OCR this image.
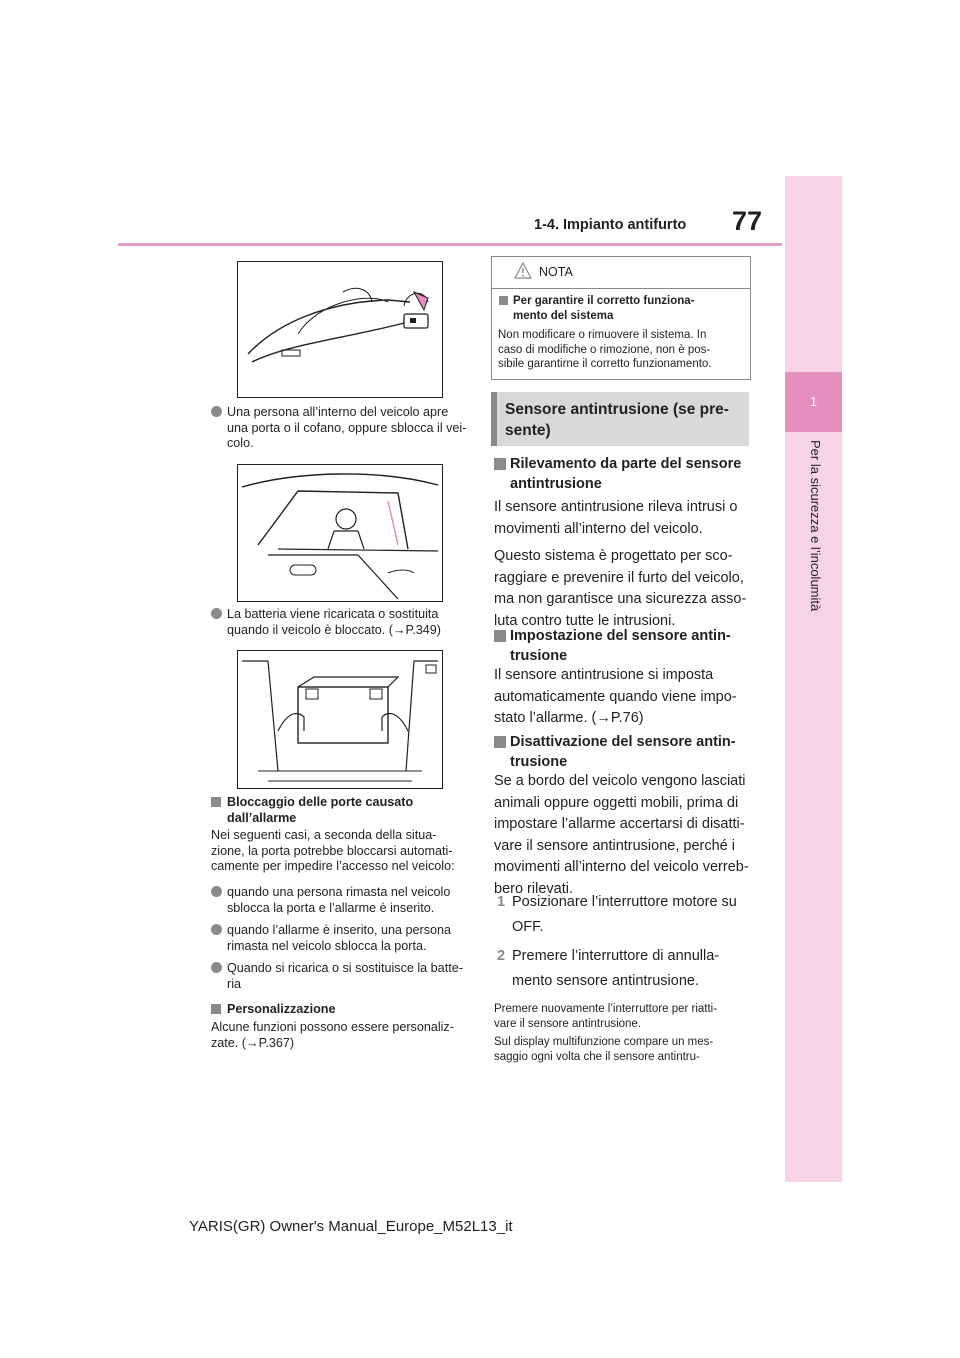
77
1-4. Impianto antifurto
1
Per la sicurezza e l’incolumità
Una persona all’interno del veicolo apre
una porta o il cofano, oppure sblocca il vei-
colo.
La batteria viene ricaricata o sostituita
quando il veicolo è bloccato. (→P.349)
Bloccaggio delle porte causato
dall’allarme
Nei seguenti casi, a seconda della situa-
zione, la porta potrebbe bloccarsi automati-
camente per impedire l’accesso nel veicolo:
quando una persona rimasta nel veicolo
sblocca la porta e l’allarme è inserito.
quando l’allarme è inserito, una persona
rimasta nel veicolo sblocca la porta.
Quando si ricarica o si sostituisce la batte-
ria
Personalizzazione
Alcune funzioni possono essere personaliz-
zate. (→P.367)
NOTA
Per garantire il corretto funziona-
mento del sistema
Non modificare o rimuovere il sistema. In
caso di modifiche o rimozione, non è pos-
sibile garantirne il corretto funzionamento.
Sensore antintrusione (se pre-
sente)
Rilevamento da parte del sensore
antintrusione
Il sensore antintrusione rileva intrusi o
movimenti all’interno del veicolo.
Questo sistema è progettato per sco-
raggiare e prevenire il furto del veicolo,
ma non garantisce una sicurezza asso-
luta contro tutte le intrusioni.
Impostazione del sensore antin-
trusione
Il sensore antintrusione si imposta
automaticamente quando viene impo-
stato l’allarme. (→P.76)
Disattivazione del sensore antin-
trusione
Se a bordo del veicolo vengono lasciati
animali oppure oggetti mobili, prima di
impostare l’allarme accertarsi di disatti-
vare il sensore antintrusione, perché i
movimenti all’interno del veicolo verreb-
bero rilevati.
1 Posizionare l’interruttore motore su
OFF.
2 Premere l’interruttore di annulla-
mento sensore antintrusione.
Premere nuovamente l’interruttore per riatti-
vare il sensore antintrusione.
Sul display multifunzione compare un mes-
saggio ogni volta che il sensore antintru-
YARIS(GR) Owner's Manual_Europe_M52L13_it
